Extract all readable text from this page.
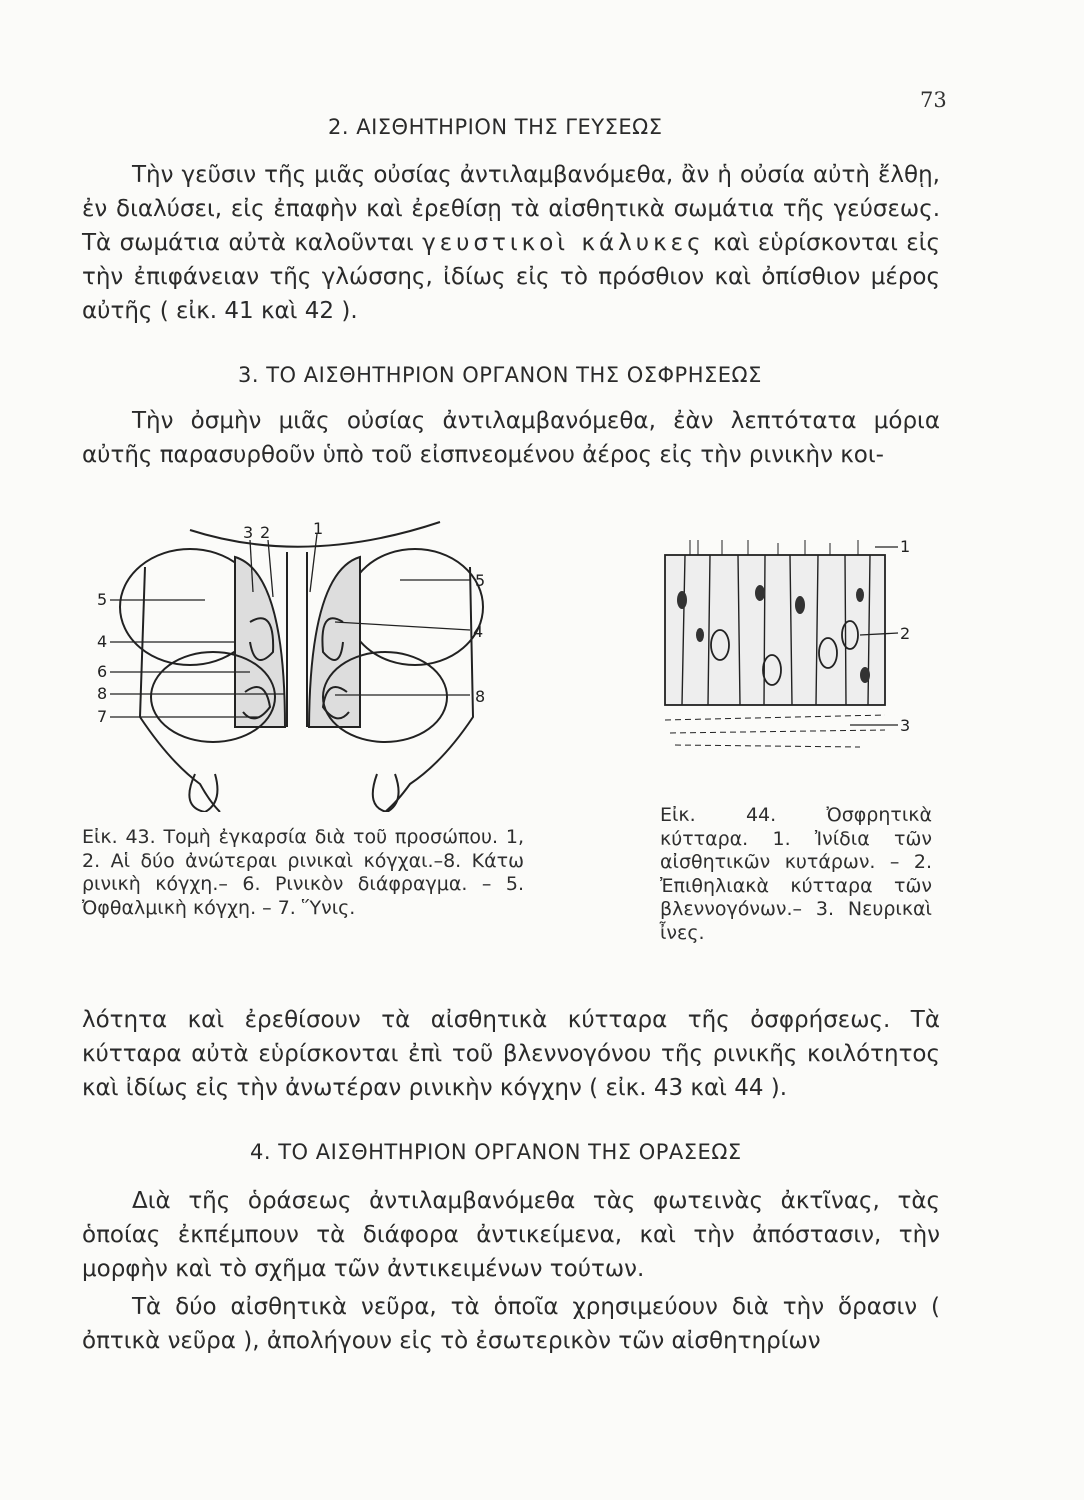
73
2. ΑΙΣΘΗΤΗΡΙΟΝ ΤΗΣ ΓΕΥΣΕΩΣ

Τὴν γεῦσιν τῆς μιᾶς οὐσίας ἀντιλαμβανόμεθα, ἂν ἡ οὐσία αὐτὴ ἔλθῃ, ἐν διαλύσει, εἰς ἐπαφὴν καὶ ἐρεθίσῃ τὰ αἰσθητικὰ σωμάτια τῆς γεύσεως. Τὰ σωμάτια αὐτὰ καλοῦνται γευστικοὶ κάλυκες καὶ εὑρίσκονται εἰς τὴν ἐπιφάνειαν τῆς γλώσσης, ἰδίως εἰς τὸ πρόσθιον καὶ ὀπίσθιον μέρος αὐτῆς ( εἰκ. 41 καὶ 42 ).

3. ΤΟ ΑΙΣΘΗΤΗΡΙΟΝ ΟΡΓΑΝΟΝ ΤΗΣ ΟΣΦΡΗΣΕΩΣ

Τὴν ὀσμὴν μιᾶς οὐσίας ἀντιλαμβανόμεθα, ἐὰν λεπτότατα μόρια αὐτῆς παρασυρθοῦν ὑπὸ τοῦ εἰσπνεομένου ἀέρος εἰς τὴν ρινικὴν κοι-

3 2	1
5
4
6
8
7
5
4
8

Εἰκ. 43. Τομὴ ἐγκαρσία διὰ τοῦ προσώπου. 1, 2. Αἱ δύο ἀνώτεραι ρινικαὶ κόγχαι.–8. Κάτω ρινικὴ κόγχη.– 6. Ρινικὸν διάφραγμα. – 5. Ὀφθαλμικὴ κόγχη. – 7. Ὕνις.

1
2
3

Εἰκ. 44. Ὀσφρητικὰ κύτταρα. 1. Ἰνίδια τῶν αἰσθητικῶν κυτάρων. – 2. Ἐπιθηλιακὰ κύτταρα τῶν βλεννογόνων.– 3. Νευρικαὶ ἶνες.

λότητα καὶ ἐρεθίσουν τὰ αἰσθητικὰ κύτταρα τῆς ὀσφρήσεως. Τὰ κύτταρα αὐτὰ εὑρίσκονται ἐπὶ τοῦ βλεννογόνου τῆς ρινικῆς κοιλότητος καὶ ἰδίως εἰς τὴν ἀνωτέραν ρινικὴν κόγχην ( εἰκ. 43 καὶ 44 ).

4. ΤΟ ΑΙΣΘΗΤΗΡΙΟΝ ΟΡΓΑΝΟΝ ΤΗΣ ΟΡΑΣΕΩΣ

Διὰ τῆς ὁράσεως ἀντιλαμβανόμεθα τὰς φωτεινὰς ἀκτῖνας, τὰς ὁποίας ἐκπέμπουν τὰ διάφορα ἀντικείμενα, καὶ τὴν ἀπόστασιν, τὴν μορφὴν καὶ τὸ σχῆμα τῶν ἀντικειμένων τούτων.

Τὰ δύο αἰσθητικὰ νεῦρα, τὰ ὁποῖα χρησιμεύουν διὰ τὴν ὅρασιν ( ὀπτικὰ νεῦρα ), ἀπολήγουν εἰς τὸ ἐσωτερικὸν τῶν αἰσθητηρίων
